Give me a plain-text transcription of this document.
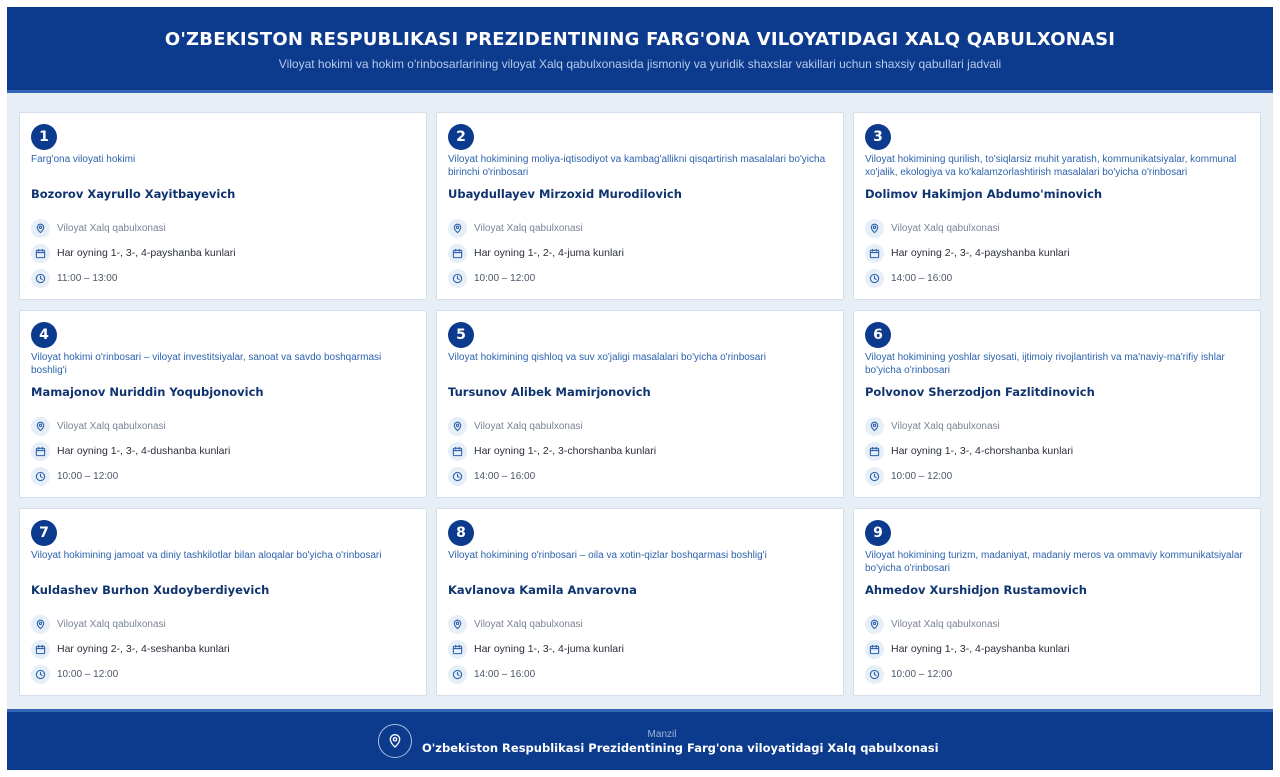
O'ZBEKISTON RESPUBLIKASI PREZIDENTINING FARG'ONA VILOYATIDAGI XALQ QABULXONASI
Viloyat hokimi va hokim o'rinbosarlarining viloyat Xalq qabulxonasida jismoniy va yuridik shaxslar vakillari uchun shaxsiy qabullari jadvali
1
Farg'ona viloyati hokimi
Bozorov Xayrullo Xayitbayevich
Viloyat Xalq qabulxonasi
Har oyning 1-, 3-, 4-payshanba kunlari
11:00 – 13:00
2
Viloyat hokimining moliya-iqtisodiyot va kambag'allikni qisqartirish masalalari bo'yicha birinchi o'rinbosari
Ubaydullayev Mirzoxid Murodilovich
Viloyat Xalq qabulxonasi
Har oyning 1-, 2-, 4-juma kunlari
10:00 – 12:00
3
Viloyat hokimining qurilish, to'siqlarsiz muhit yaratish, kommunikatsiyalar, kommunal xo'jalik, ekologiya va ko'kalamzorlashtirish masalalari bo'yicha o'rinbosari
Dolimov Hakimjon Abdumo'minovich
Viloyat Xalq qabulxonasi
Har oyning 2-, 3-, 4-payshanba kunlari
14:00 – 16:00
4
Viloyat hokimi o'rinbosari – viloyat investitsiyalar, sanoat va savdo boshqarmasi boshlig'i
Mamajonov Nuriddin Yoqubjonovich
Viloyat Xalq qabulxonasi
Har oyning 1-, 3-, 4-dushanba kunlari
10:00 – 12:00
5
Viloyat hokimining qishloq va suv xo'jaligi masalalari bo'yicha o'rinbosari
Tursunov Alibek Mamirjonovich
Viloyat Xalq qabulxonasi
Har oyning 1-, 2-, 3-chorshanba kunlari
14:00 – 16:00
6
Viloyat hokimining yoshlar siyosati, ijtimoiy rivojlantirish va ma'naviy-ma'rifiy ishlar bo'yicha o'rinbosari
Polvonov Sherzodjon Fazlitdinovich
Viloyat Xalq qabulxonasi
Har oyning 1-, 3-, 4-chorshanba kunlari
10:00 – 12:00
7
Viloyat hokimining jamoat va diniy tashkilotlar bilan aloqalar bo'yicha o'rinbosari
Kuldashev Burhon Xudoyberdiyevich
Viloyat Xalq qabulxonasi
Har oyning 2-, 3-, 4-seshanba kunlari
10:00 – 12:00
8
Viloyat hokimining o'rinbosari – oila va xotin-qizlar boshqarmasi boshlig'i
Kavlanova Kamila Anvarovna
Viloyat Xalq qabulxonasi
Har oyning 1-, 3-, 4-juma kunlari
14:00 – 16:00
9
Viloyat hokimining turizm, madaniyat, madaniy meros va ommaviy kommunikatsiyalar bo'yicha o'rinbosari
Ahmedov Xurshidjon Rustamovich
Viloyat Xalq qabulxonasi
Har oyning 1-, 3-, 4-payshanba kunlari
10:00 – 12:00
Manzil
O'zbekiston Respublikasi Prezidentining Farg'ona viloyatidagi Xalq qabulxonasi
